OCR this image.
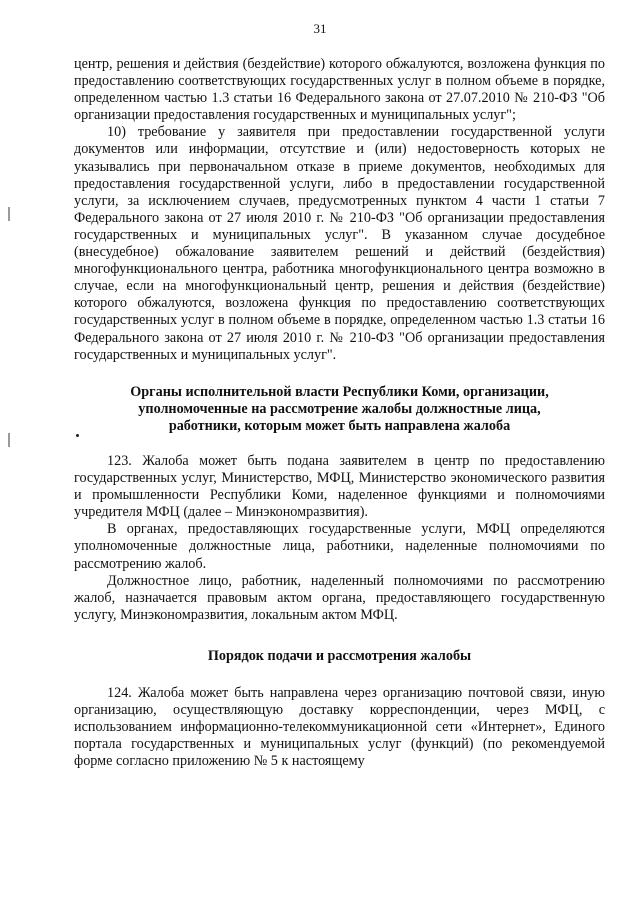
31

центр, решения и действия (бездействие) которого обжалуются, возложена функция по предоставлению соответствующих государственных услуг в полном объеме в порядке, определенном частью 1.3 статьи 16 Федерального закона от 27.07.2010 № 210-ФЗ "Об организации предоставления государственных и муниципальных услуг";

10) требование у заявителя при предоставлении государственной услуги документов или информации, отсутствие и (или) недостоверность которых не указывались при первоначальном отказе в приеме документов, необходимых для предоставления государственной услуги, либо в предоставлении государственной услуги, за исключением случаев, предусмотренных пунктом 4 части 1 статьи 7 Федерального закона от 27 июля 2010 г. № 210-ФЗ "Об организации предоставления государственных и муниципальных услуг". В указанном случае досудебное (внесудебное) обжалование заявителем решений и действий (бездействия) многофункционального центра, работника многофункционального центра возможно в случае, если на многофункциональный центр, решения и действия (бездействие) которого обжалуются, возложена функция по предоставлению соответствующих государственных услуг в полном объеме в порядке, определенном частью 1.3 статьи 16 Федерального закона от 27 июля 2010 г. № 210-ФЗ "Об организации предоставления государственных и муниципальных услуг".

Органы исполнительной власти Республики Коми, организации, уполномоченные на рассмотрение жалобы должностные лица, работники, которым может быть направлена жалоба

123. Жалоба может быть подана заявителем в центр по предоставлению государственных услуг, Министерство, МФЦ, Министерство экономического развития и промышленности Республики Коми, наделенное функциями и полномочиями учредителя МФЦ (далее – Минэкономразвития).

В органах, предоставляющих государственные услуги, МФЦ определяются уполномоченные должностные лица, работники, наделенные полномочиями по рассмотрению жалоб.

Должностное лицо, работник, наделенный полномочиями по рассмотрению жалоб, назначается правовым актом органа, предоставляющего государственную услугу, Минэкономразвития, локальным актом МФЦ.

Порядок подачи и рассмотрения жалобы

124. Жалоба может быть направлена через организацию почтовой связи, иную организацию, осуществляющую доставку корреспонденции, через МФЦ, с использованием информационно-телекоммуникационной сети «Интернет», Единого портала государственных и муниципальных услуг (функций) (по рекомендуемой форме согласно приложению № 5 к настоящему
